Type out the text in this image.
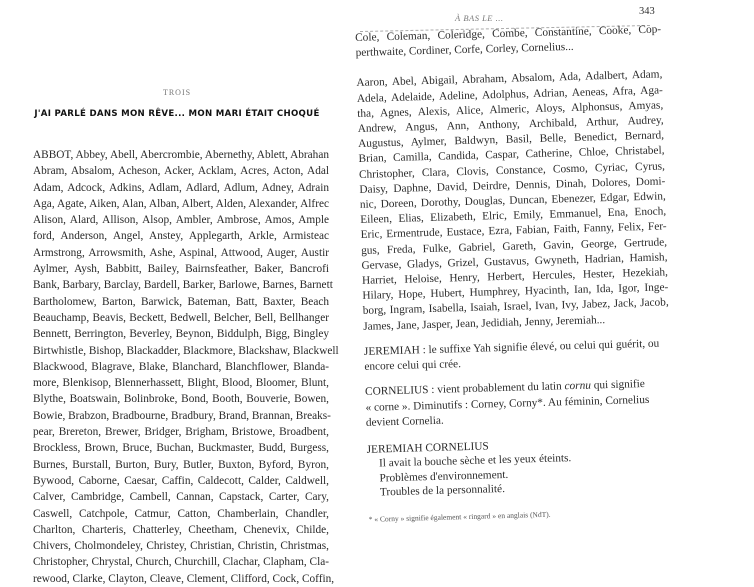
TROIS
J'AI PARLÉ DANS MON RÊVE... MON MARI ÉTAIT CHOQUÉ
ABBOT, Abbey, Abell, Abercrombie, Abernethy, Ablett, Abrahan
Abram, Absalom, Acheson, Acker, Acklam, Acres, Acton, Adal
Adam, Adcock, Adkins, Adlam, Adlard, Adlum, Adney, Adrain
Aga, Agate, Aiken, Alan, Alban, Albert, Alden, Alexander, Alfrec
Alison, Alard, Allison, Alsop, Ambler, Ambrose, Amos, Ample
ford, Anderson, Angel, Anstey, Applegarth, Arkle, Armisteac
Armstrong, Arrowsmith, Ashe, Aspinal, Attwood, Auger, Austir
Aylmer, Aysh, Babbitt, Bailey, Bairnsfeather, Baker, Bancrofi
Bank, Barbary, Barclay, Bardell, Barker, Barlowe, Barnes, Barnett
Bartholomew, Barton, Barwick, Bateman, Batt, Baxter, Beach
Beauchamp, Beavis, Beckett, Bedwell, Belcher, Bell, Bellhanger
Bennett, Berrington, Beverley, Beynon, Biddulph, Bigg, Bingley
Birtwhistle, Bishop, Blackadder, Blackmore, Blackshaw, Blackwell
Blackwood, Blagrave, Blake, Blanchard, Blanchflower, Blanda-
more, Blenkisop, Blennerhassett, Blight, Blood, Bloomer, Blunt,
Blythe, Boatswain, Bolinbroke, Bond, Booth, Bouverie, Bowen,
Bowie, Brabzon, Bradbourne, Bradbury, Brand, Brannan, Breaks-
pear, Brereton, Brewer, Bridger, Brigham, Bristowe, Broadbent,
Brockless, Brown, Bruce, Buchan, Buckmaster, Budd, Burgess,
Burnes, Burstall, Burton, Bury, Butler, Buxton, Byford, Byron,
Bywood, Caborne, Caesar, Caffin, Caldecott, Calder, Caldwell,
Calver, Cambridge, Cambell, Cannan, Capstack, Carter, Cary,
Caswell, Catchpole, Catmur, Catton, Chamberlain, Chandler,
Charlton, Charteris, Chatterley, Cheetham, Chenevix, Childe,
Chivers, Cholmondeley, Christey, Christian, Christin, Christmas,
Christopher, Chrystal, Church, Churchill, Clachar, Clapham, Cla-
rewood, Clarke, Clayton, Cleave, Clement, Clifford, Cock, Coffin,
À BAS LE ...
343
Cole, Coleman, Coleridge, Combe, Constantine, Cooke, Cop-
perthwaite, Cordiner, Corfe, Corley, Cornelius...
Aaron, Abel, Abigail, Abraham, Absalom, Ada, Adalbert, Adam,
Adela, Adelaide, Adeline, Adolphus, Adrian, Aeneas, Afra, Aga-
tha, Agnes, Alexis, Alice, Almeric, Aloys, Alphonsus, Amyas,
Andrew, Angus, Ann, Anthony, Archibald, Arthur, Audrey,
Augustus, Aylmer, Baldwyn, Basil, Belle, Benedict, Bernard,
Brian, Camilla, Candida, Caspar, Catherine, Chloe, Christabel,
Christopher, Clara, Clovis, Constance, Cosmo, Cyriac, Cyrus,
Daisy, Daphne, David, Deirdre, Dennis, Dinah, Dolores, Domi-
nic, Doreen, Dorothy, Douglas, Duncan, Ebenezer, Edgar, Edwin,
Eileen, Elias, Elizabeth, Elric, Emily, Emmanuel, Ena, Enoch,
Eric, Ermentrude, Eustace, Ezra, Fabian, Faith, Fanny, Felix, Fer-
gus, Freda, Fulke, Gabriel, Gareth, Gavin, George, Gertrude,
Gervase, Gladys, Grizel, Gustavus, Gwyneth, Hadrian, Hamish,
Harriet, Heloise, Henry, Herbert, Hercules, Hester, Hezekiah,
Hilary, Hope, Hubert, Humphrey, Hyacinth, Ian, Ida, Igor, Inge-
borg, Ingram, Isabella, Isaiah, Israel, Ivan, Ivy, Jabez, Jack, Jacob,
James, Jane, Jasper, Jean, Jedidiah, Jenny, Jeremiah...
JEREMIAH : le suffixe Yah signifie élevé, ou celui qui guérit, ou
encore celui qui crée.
CORNELIUS : vient probablement du latin cornu qui signifie
« corne ». Diminutifs : Corney, Corny*. Au féminin, Cornelius
devient Cornelia.
JEREMIAH CORNELIUS
Il avait la bouche sèche et les yeux éteints.
Problèmes d'environnement.
Troubles de la personnalité.
* « Corny » signifie également « ringard » en anglais (NdT).
